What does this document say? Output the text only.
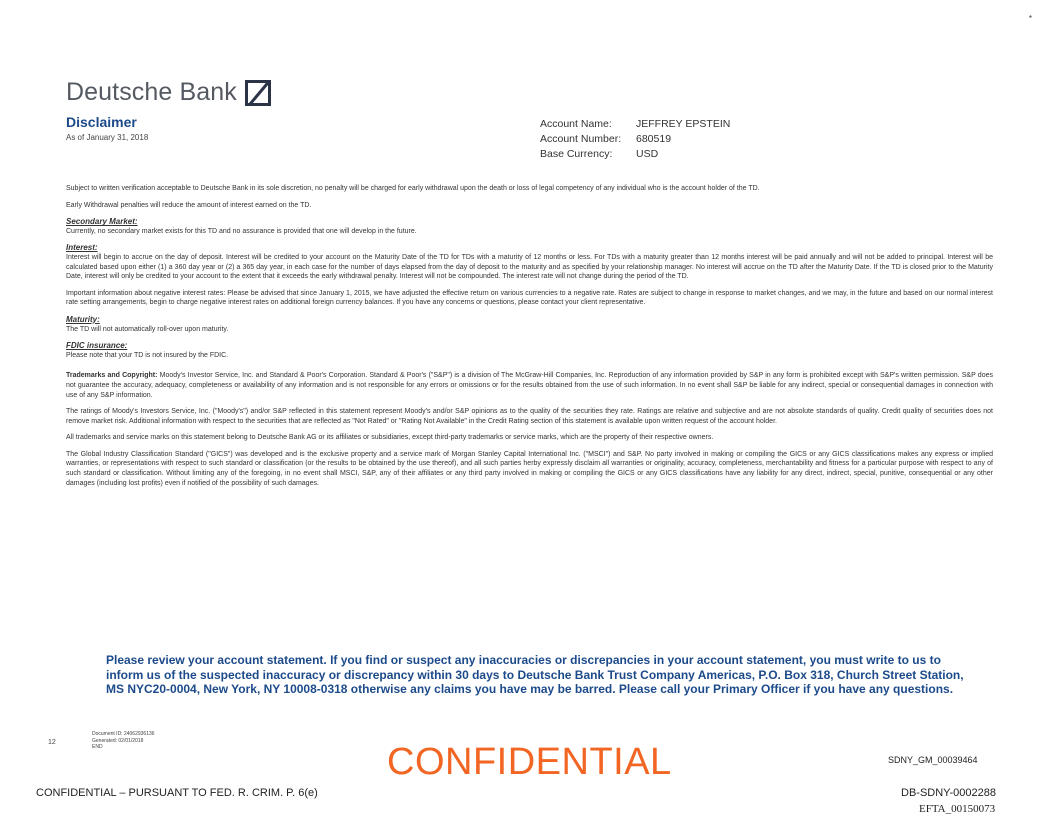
*
Deutsche Bank
Disclaimer
As of January 31, 2018
Account Name:	JEFFREY EPSTEIN
Account Number:	680519
Base Currency:	USD

Subject to written verification acceptable to Deutsche Bank in its sole discretion, no penalty will be charged for early withdrawal upon the death or loss of legal competency of any individual who is the account holder of the TD.

Early Withdrawal penalties will reduce the amount of interest earned on the TD.

Secondary Market:
Currently, no secondary market exists for this TD and no assurance is provided that one will develop in the future.

Interest:
Interest will begin to accrue on the day of deposit. Interest will be credited to your account on the Maturity Date of the TD for TDs with a maturity of 12 months or less. For TDs with a maturity greater than 12 months interest will be paid annually and will not be added to principal. Interest will be calculated based upon either (1) a 360 day year or (2) a 365 day year, in each case for the number of days elapsed from the day of deposit to the maturity and as specified by your relationship manager. No interest will accrue on the TD after the Maturity Date. If the TD is closed prior to the Maturity Date, interest will only be credited to your account to the extent that it exceeds the early withdrawal penalty. Interest will not be compounded. The interest rate will not change during the period of the TD.

Important information about negative interest rates: Please be advised that since January 1, 2015, we have adjusted the effective return on various currencies to a negative rate. Rates are subject to change in response to market changes, and we may, in the future and based on our normal interest rate setting arrangements, begin to charge negative interest rates on additional foreign currency balances. If you have any concerns or questions, please contact your client representative.

Maturity:
The TD will not automatically roll-over upon maturity.

FDIC insurance:
Please note that your TD is not insured by the FDIC.

Trademarks and Copyright: Moody's Investor Service, Inc. and Standard & Poor's Corporation. Standard & Poor's ("S&P") is a division of The McGraw-Hill Companies, Inc. Reproduction of any information provided by S&P in any form is prohibited except with S&P's written permission. S&P does not guarantee the accuracy, adequacy, completeness or availability of any information and is not responsible for any errors or omissions or for the results obtained from the use of such information. In no event shall S&P be liable for any indirect, special or consequential damages in connection with use of any S&P information.

The ratings of Moody's Investors Service, Inc. ("Moody's") and/or S&P reflected in this statement represent Moody's and/or S&P opinions as to the quality of the securities they rate. Ratings are relative and subjective and are not absolute standards of quality. Credit quality of securities does not remove market risk. Additional information with respect to the securities that are reflected as "Not Rated" or "Rating Not Available" in the Credit Rating section of this statement is available upon written request of the account holder.

All trademarks and service marks on this statement belong to Deutsche Bank AG or its affiliates or subsidiaries, except third-party trademarks or service marks, which are the property of their respective owners.

The Global Industry Classification Standard ("GICS") was developed and is the exclusive property and a service mark of Morgan Stanley Capital International Inc. ("MSCI") and S&P. No party involved in making or compiling the GICS or any GICS classifications makes any express or implied warranties, or representations with respect to such standard or classification (or the results to be obtained by the use thereof), and all such parties herby expressly disclaim all warranties or originality, accuracy, completeness, merchantability and fitness for a particular purpose with respect to any of such standard or classification. Without limiting any of the foregoing, in no event shall MSCI, S&P, any of their affiliates or any third party involved in making or compiling the GICS or any GICS classifications have any liability for any direct, indirect, special, punitive, consequential or any other damages (including lost profits) even if notified of the possibility of such damages.

Please review your account statement. If you find or suspect any inaccuracies or discrepancies in your account statement, you must write to us to inform us of the suspected inaccuracy or discrepancy within 30 days to Deutsche Bank Trust Company Americas, P.O. Box 318, Church Street Station, MS NYC20-0004, New York, NY 10008-0318 otherwise any claims you have may be barred. Please call your Primary Officer if you have any questions.
12
Document ID: 24062936136
Generated: 02/01/2018
END	CONFIDENTIAL	SDNY_GM_00039464
CONFIDENTIAL – PURSUANT TO FED. R. CRIM. P. 6(e)	DB-SDNY-0002288
EFTA_00150073
